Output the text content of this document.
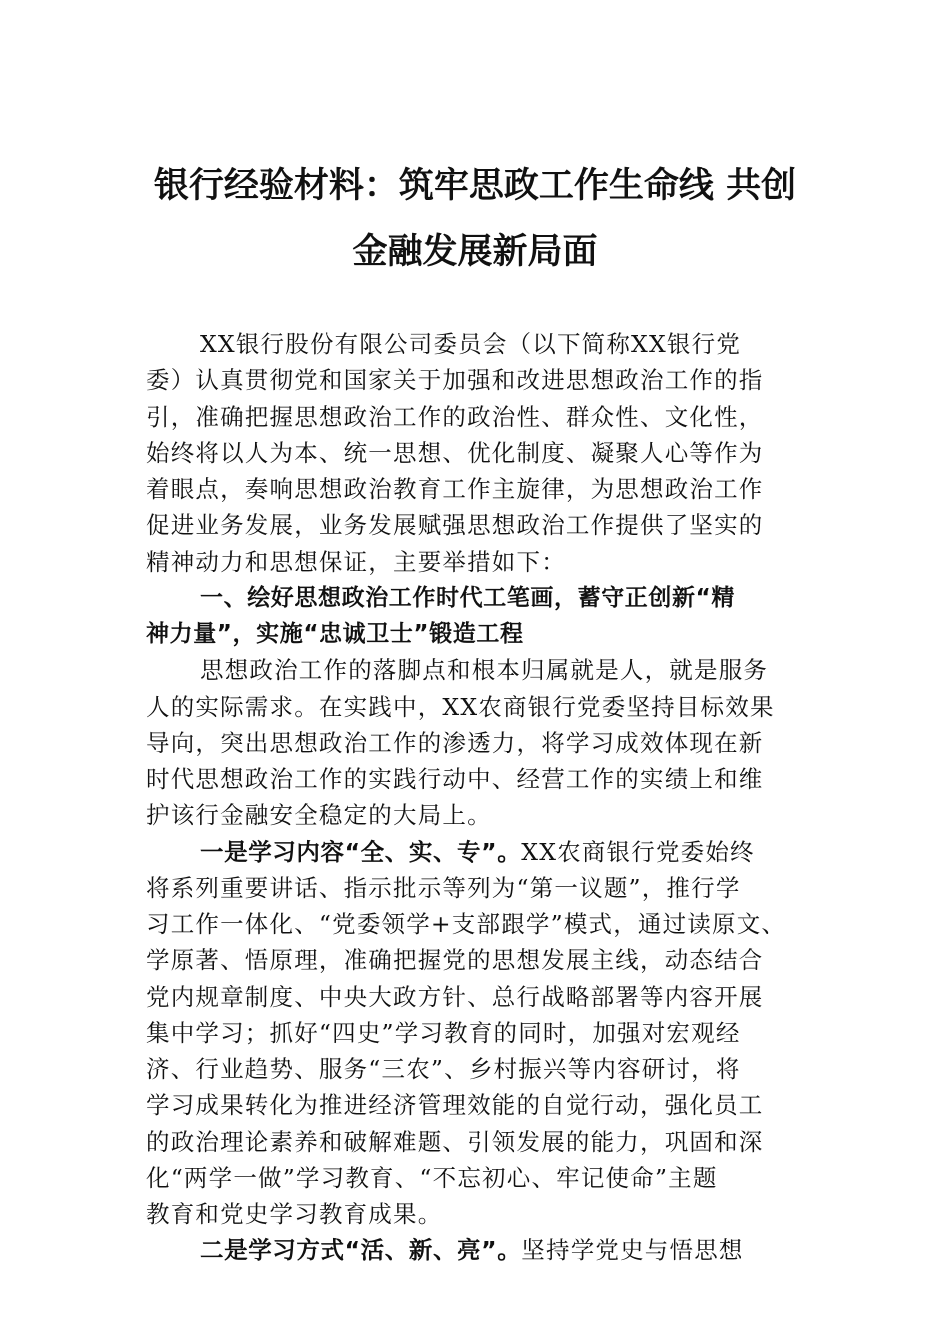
银行经验材料：筑牢思政工作生命线 共创
金融发展新局面
XX银行股份有限公司委员会（以下简称XX银行党
委）认真贯彻党和国家关于加强和改进思想政治工作的指
引，准确把握思想政治工作的政治性、群众性、文化性，
始终将以人为本、统一思想、优化制度、凝聚人心等作为
着眼点，奏响思想政治教育工作主旋律，为思想政治工作
促进业务发展，业务发展赋强思想政治工作提供了坚实的
精神动力和思想保证，主要举措如下：
一、绘好思想政治工作时代工笔画，蓄守正创新“精
神力量”，实施“忠诚卫士”锻造工程
思想政治工作的落脚点和根本归属就是人，就是服务
人的实际需求。在实践中，XX农商银行党委坚持目标效果
导向，突出思想政治工作的渗透力，将学习成效体现在新
时代思想政治工作的实践行动中、经营工作的实绩上和维
护该行金融安全稳定的大局上。
一是学习内容“全、实、专”。XX农商银行党委始终
将系列重要讲话、指示批示等列为“第一议题”，推行学
习工作一体化、“党委领学+支部跟学”模式，通过读原文、
学原著、悟原理，准确把握党的思想发展主线，动态结合
党内规章制度、中央大政方针、总行战略部署等内容开展
集中学习；抓好“四史”学习教育的同时，加强对宏观经
济、行业趋势、服务“三农”、乡村振兴等内容研讨，将
学习成果转化为推进经济管理效能的自觉行动，强化员工
的政治理论素养和破解难题、引领发展的能力，巩固和深
化“两学一做”学习教育、“不忘初心、牢记使命”主题
教育和党史学习教育成果。
二是学习方式“活、新、亮”。坚持学党史与悟思想
